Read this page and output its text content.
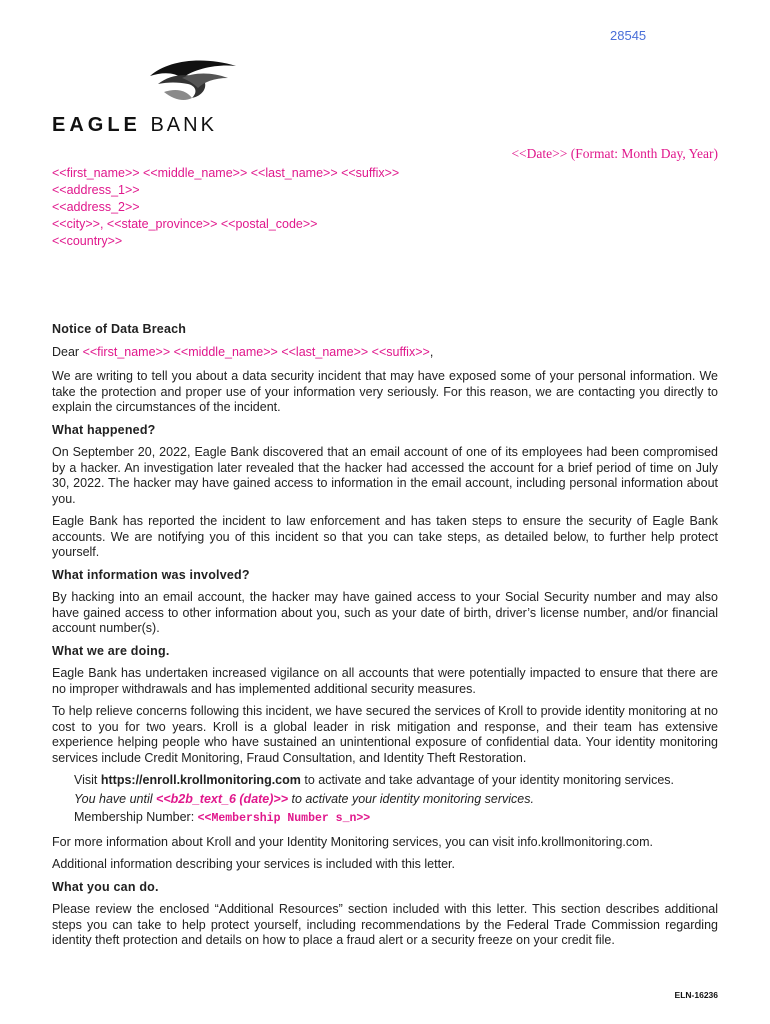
28545
EAGLE BANK
<<Date>> (Format: Month Day, Year)
<<first_name>> <<middle_name>> <<last_name>> <<suffix>>
<<address_1>>
<<address_2>>
<<city>>, <<state_province>> <<postal_code>>
<<country>>

Notice of Data Breach

Dear <<first_name>> <<middle_name>> <<last_name>> <<suffix>>,

We are writing to tell you about a data security incident that may have exposed some of your personal information. We take the protection and proper use of your information very seriously. For this reason, we are contacting you directly to explain the circumstances of the incident.

What happened?

On September 20, 2022, Eagle Bank discovered that an email account of one of its employees had been compromised by a hacker. An investigation later revealed that the hacker had accessed the account for a brief period of time on July 30, 2022. The hacker may have gained access to information in the email account, including personal information about you.

Eagle Bank has reported the incident to law enforcement and has taken steps to ensure the security of Eagle Bank accounts. We are notifying you of this incident so that you can take steps, as detailed below, to further help protect yourself.

What information was involved?

By hacking into an email account, the hacker may have gained access to your Social Security number and may also have gained access to other information about you, such as your date of birth, driver’s license number, and/or financial account number(s).

What we are doing.

Eagle Bank has undertaken increased vigilance on all accounts that were potentially impacted to ensure that there are no improper withdrawals and has implemented additional security measures.

To help relieve concerns following this incident, we have secured the services of Kroll to provide identity monitoring at no cost to you for two years. Kroll is a global leader in risk mitigation and response, and their team has extensive experience helping people who have sustained an unintentional exposure of confidential data. Your identity monitoring services include Credit Monitoring, Fraud Consultation, and Identity Theft Restoration.

Visit https://enroll.krollmonitoring.com to activate and take advantage of your identity monitoring services.

You have until <<b2b_text_6 (date)>> to activate your identity monitoring services.

Membership Number: <<Membership Number s_n>>

For more information about Kroll and your Identity Monitoring services, you can visit info.krollmonitoring.com.

Additional information describing your services is included with this letter.

What you can do.

Please review the enclosed “Additional Resources” section included with this letter. This section describes additional steps you can take to help protect yourself, including recommendations by the Federal Trade Commission regarding identity theft protection and details on how to place a fraud alert or a security freeze on your credit file.

ELN-16236
